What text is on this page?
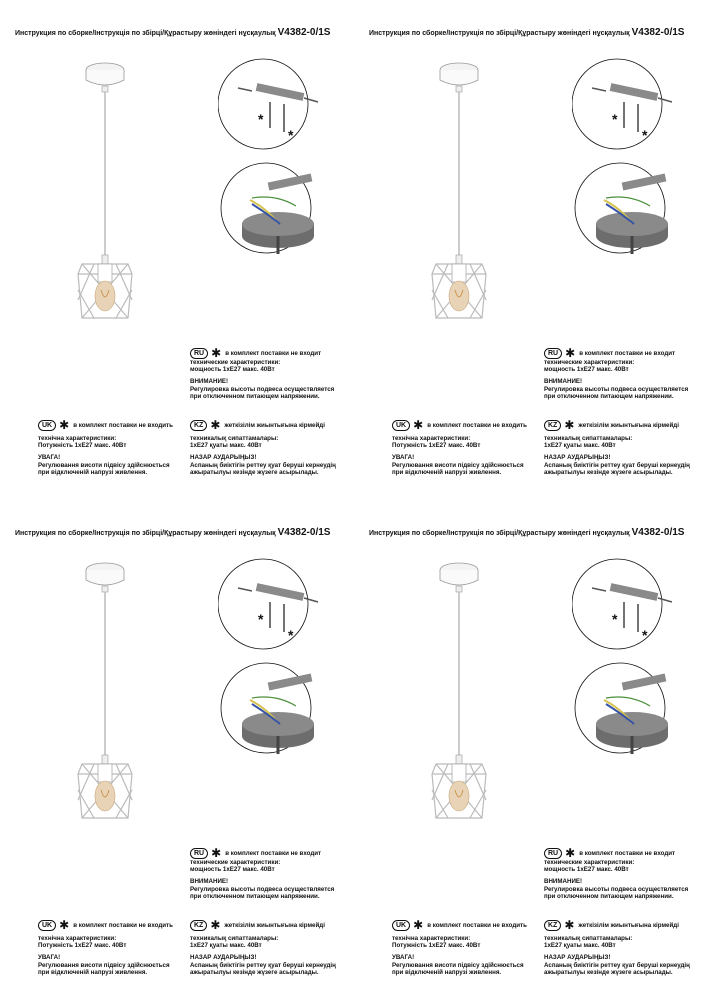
Инструкция по сборке/Інструкція по збірці/Құрастыру жөніндегі нұсқаулық V4382-0/1S
*
*
RU ✱ в комплект поставки не входит
технические характеристики:
мощность 1хЕ27 макс. 40Вт
ВНИМАНИЕ!
Регулировка высоты подвеса осуществляется
при отключенном питающем напряжении.
UK ✱ в комплект поставки не входить
технічна характеристики:
Потужність 1хЕ27 макс. 40Вт
УВАГА!
Регулювання висоти підвісу здійснюється
при відключеній напрузі живлення.
KZ ✱ жеткізілім жиынтығына кірмейді
техникалық сипаттамалары:
1хЕ27 қуаты макс. 40Вт
НАЗАР АУДАРЫҢЫЗ!
Аспаның биіктігін реттеу қуат беруші кернеудің
ажыратылуы кезінде жүзеге асырылады.
Инструкция по сборке/Інструкція по збірці/Құрастыру жөніндегі нұсқаулық V4382-0/1S
*
*
RU ✱ в комплект поставки не входит
технические характеристики:
мощность 1хЕ27 макс. 40Вт
ВНИМАНИЕ!
Регулировка высоты подвеса осуществляется
при отключенном питающем напряжении.
UK ✱ в комплект поставки не входить
технічна характеристики:
Потужність 1хЕ27 макс. 40Вт
УВАГА!
Регулювання висоти підвісу здійснюється
при відключеній напрузі живлення.
KZ ✱ жеткізілім жиынтығына кірмейді
техникалық сипаттамалары:
1хЕ27 қуаты макс. 40Вт
НАЗАР АУДАРЫҢЫЗ!
Аспаның биіктігін реттеу қуат беруші кернеудің
ажыратылуы кезінде жүзеге асырылады.
Инструкция по сборке/Інструкція по збірці/Құрастыру жөніндегі нұсқаулық V4382-0/1S
*
*
RU ✱ в комплект поставки не входит
технические характеристики:
мощность 1хЕ27 макс. 40Вт
ВНИМАНИЕ!
Регулировка высоты подвеса осуществляется
при отключенном питающем напряжении.
UK ✱ в комплект поставки не входить
технічна характеристики:
Потужність 1хЕ27 макс. 40Вт
УВАГА!
Регулювання висоти підвісу здійснюється
при відключеній напрузі живлення.
KZ ✱ жеткізілім жиынтығына кірмейді
техникалық сипаттамалары:
1хЕ27 қуаты макс. 40Вт
НАЗАР АУДАРЫҢЫЗ!
Аспаның биіктігін реттеу қуат беруші кернеудің
ажыратылуы кезінде жүзеге асырылады.
Инструкция по сборке/Інструкція по збірці/Құрастыру жөніндегі нұсқаулық V4382-0/1S
*
*
RU ✱ в комплект поставки не входит
технические характеристики:
мощность 1хЕ27 макс. 40Вт
ВНИМАНИЕ!
Регулировка высоты подвеса осуществляется
при отключенном питающем напряжении.
UK ✱ в комплект поставки не входить
технічна характеристики:
Потужність 1хЕ27 макс. 40Вт
УВАГА!
Регулювання висоти підвісу здійснюється
при відключеній напрузі живлення.
KZ ✱ жеткізілім жиынтығына кірмейді
техникалық сипаттамалары:
1хЕ27 қуаты макс. 40Вт
НАЗАР АУДАРЫҢЫЗ!
Аспаның биіктігін реттеу қуат беруші кернеудің
ажыратылуы кезінде жүзеге асырылады.
